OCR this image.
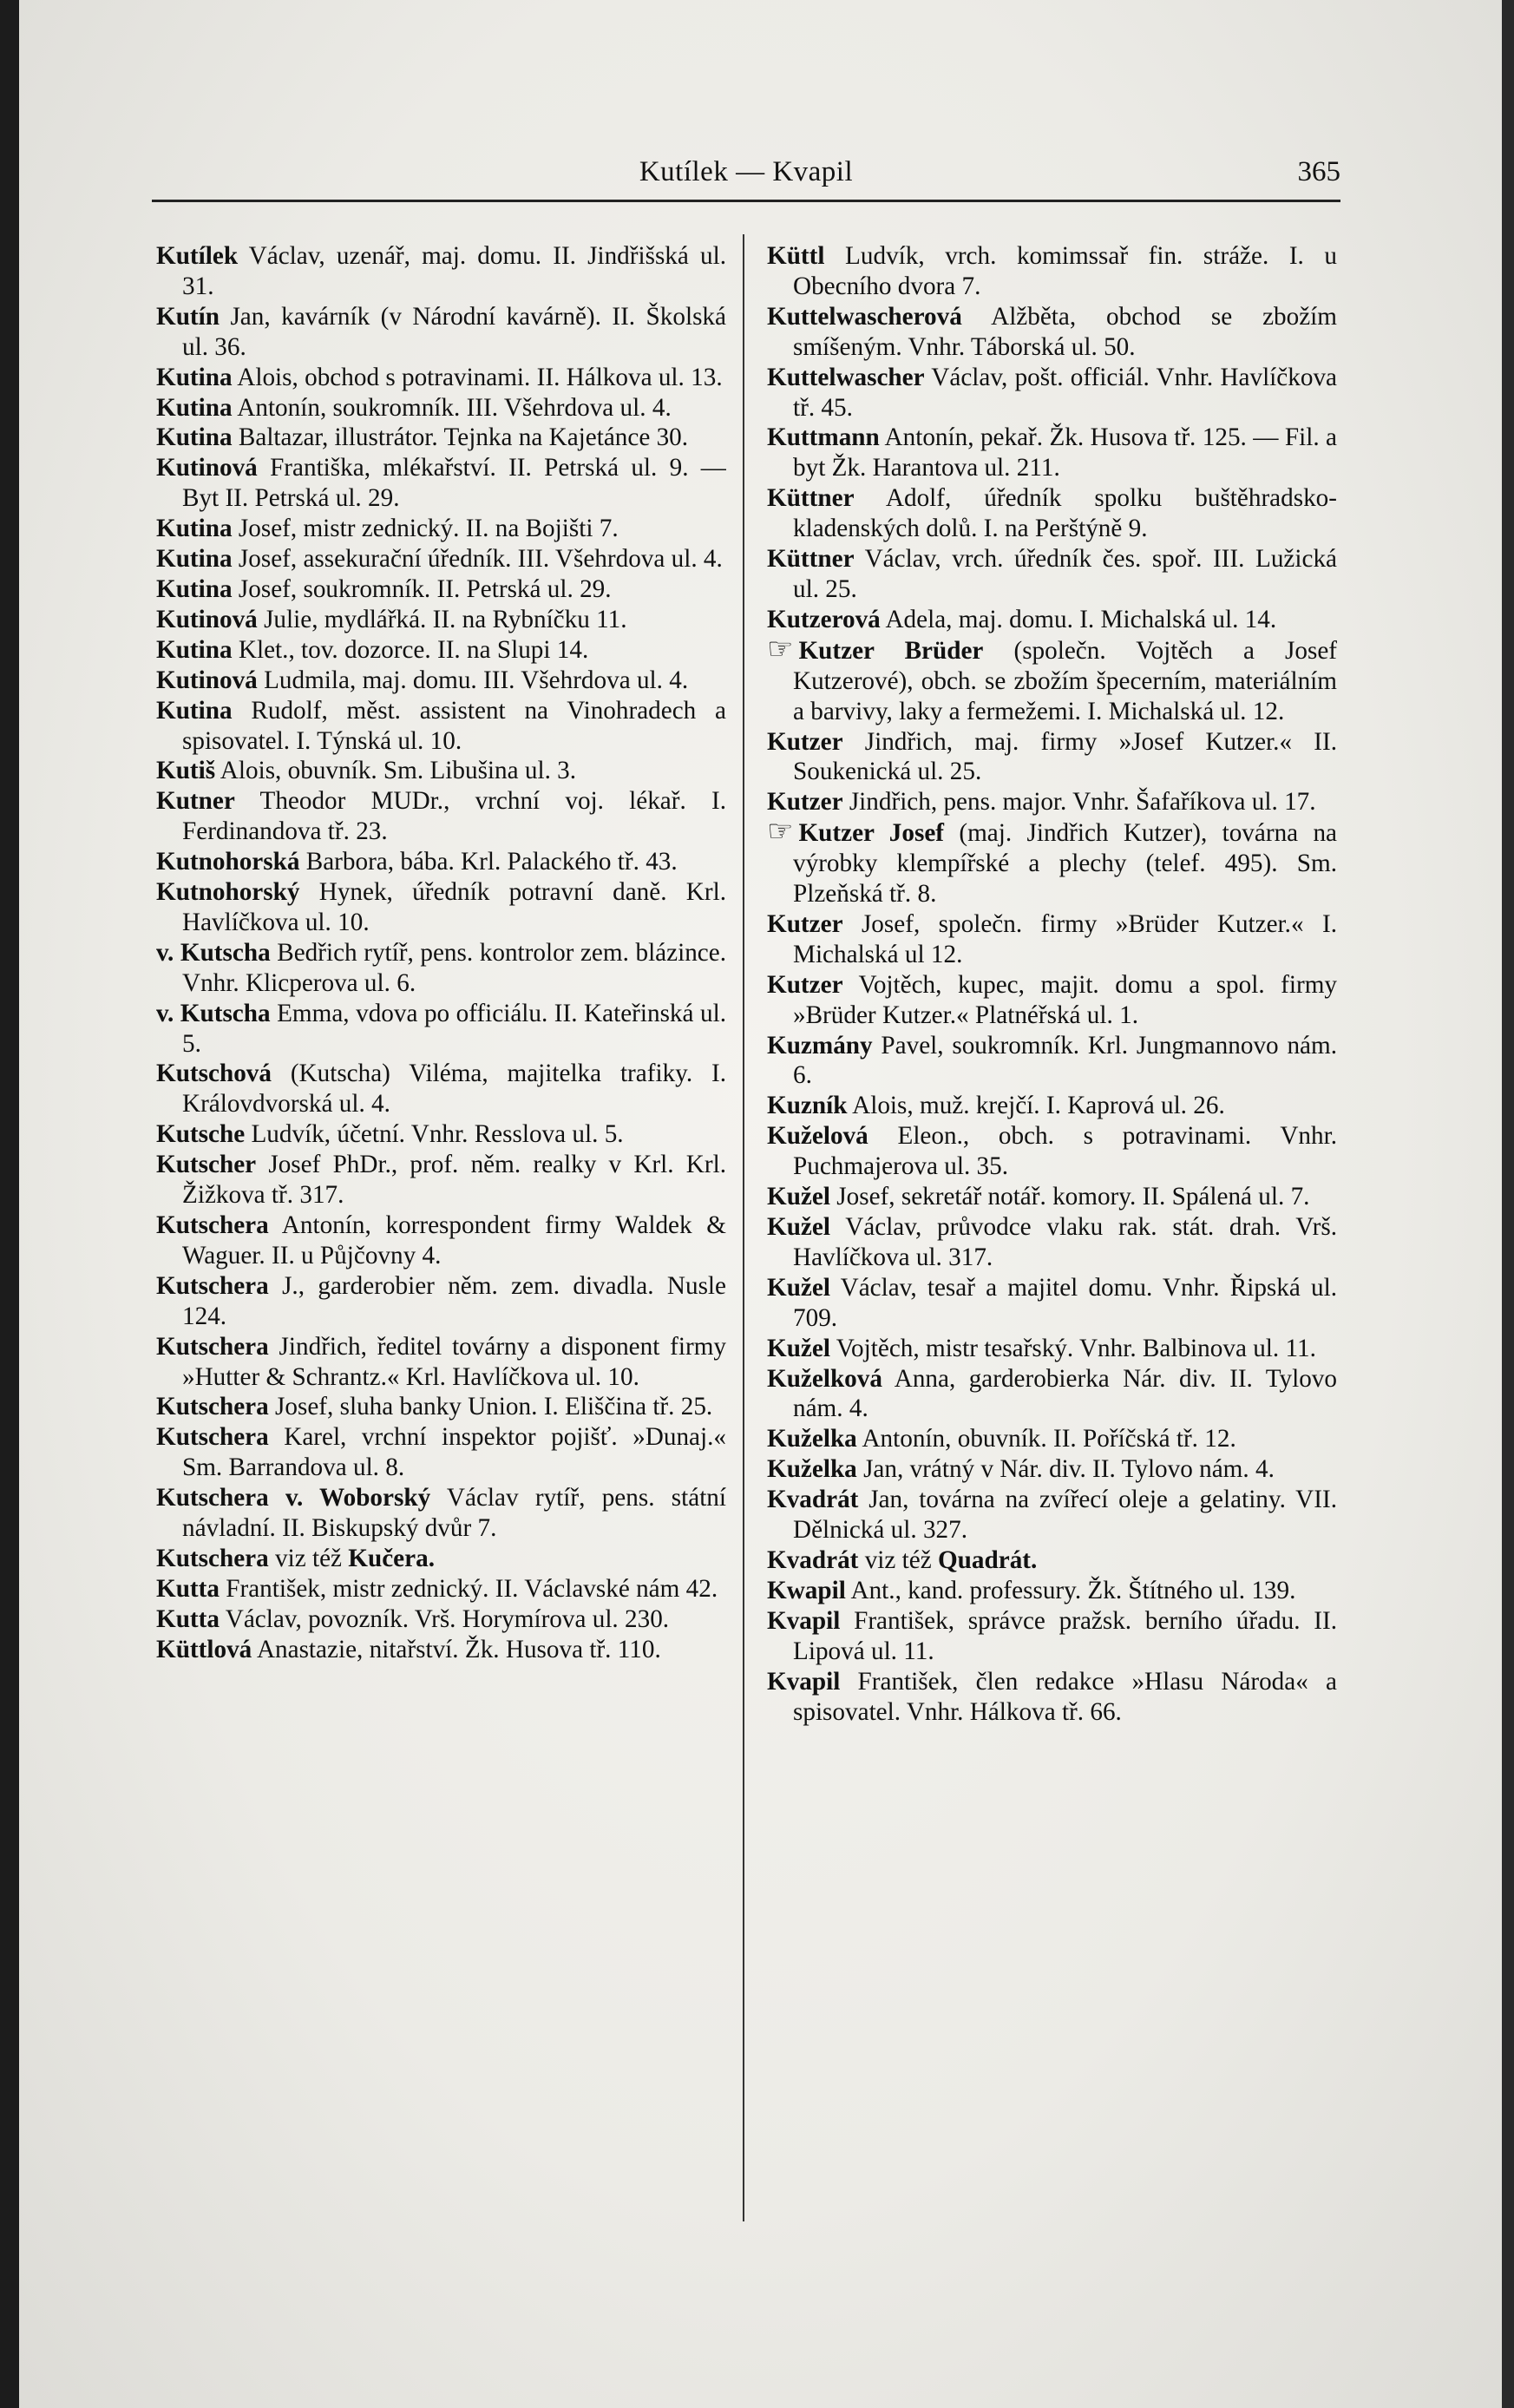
Kutílek — Kvapil	365

Kutílek Václav, uzenář, maj. domu. II. Jindřišská ul. 31.

Kutín Jan, kavárník (v Národní kavárně). II. Školská ul. 36.

Kutina Alois, obchod s potravinami. II. Hálkova ul. 13.

Kutina Antonín, soukromník. III. Všehrdova ul. 4.

Kutina Baltazar, illustrátor. Tejnka na Kajetánce 30.

Kutinová Františka, mlékařství. II. Petrská ul. 9. — Byt II. Petrská ul. 29.

Kutina Josef, mistr zednický. II. na Bojišti 7.

Kutina Josef, assekurační úředník. III. Všehrdova ul. 4.

Kutina Josef, soukromník. II. Petrská ul. 29.

Kutinová Julie, mydlářká. II. na Rybníčku 11.

Kutina Klet., tov. dozorce. II. na Slupi 14.

Kutinová Ludmila, maj. domu. III. Všehrdova ul. 4.

Kutina Rudolf, měst. assistent na Vinohradech a spisovatel. I. Týnská ul. 10.

Kutiš Alois, obuvník. Sm. Libušina ul. 3.

Kutner Theodor MUDr., vrchní voj. lékař. I. Ferdinandova tř. 23.

Kutnohorská Barbora, bába. Krl. Palackého tř. 43.

Kutnohorský Hynek, úředník potravní daně. Krl. Havlíčkova ul. 10.

v. Kutscha Bedřich rytíř, pens. kontrolor zem. blázince. Vnhr. Klicperova ul. 6.

v. Kutscha Emma, vdova po officiálu. II. Kateřinská ul. 5.

Kutschová (Kutscha) Viléma, majitelka trafiky. I. Královdvorská ul. 4.

Kutsche Ludvík, účetní. Vnhr. Resslova ul. 5.

Kutscher Josef PhDr., prof. něm. realky v Krl. Krl. Žižkova tř. 317.

Kutschera Antonín, korrespondent firmy Waldek & Waguer. II. u Půjčovny 4.

Kutschera J., garderobier něm. zem. divadla. Nusle 124.

Kutschera Jindřich, ředitel továrny a disponent firmy »Hutter & Schrantz.« Krl. Havlíčkova ul. 10.

Kutschera Josef, sluha banky Union. I. Eliščina tř. 25.

Kutschera Karel, vrchní inspektor pojišť. »Dunaj.« Sm. Barrandova ul. 8.

Kutschera v. Woborský Václav rytíř, pens. státní návladní. II. Biskupský dvůr 7.

Kutschera viz též Kučera.

Kutta František, mistr zednický. II. Václavské nám 42.

Kutta Václav, povozník. Vrš. Horymírova ul. 230.

Küttlová Anastazie, nitařství. Žk. Husova tř. 110.

Küttl Ludvík, vrch. komimssař fin. stráže. I. u Obecního dvora 7.

Kuttelwascherová Alžběta, obchod se zbožím smíšeným. Vnhr. Táborská ul. 50.

Kuttelwascher Václav, pošt. officiál. Vnhr. Havlíčkova tř. 45.

Kuttmann Antonín, pekař. Žk. Husova tř. 125. — Fil. a byt Žk. Harantova ul. 211.

Küttner Adolf, úředník spolku buštěhradsko-kladenských dolů. I. na Perštýně 9.

Küttner Václav, vrch. úředník čes. spoř. III. Lužická ul. 25.

Kutzerová Adela, maj. domu. I. Michalská ul. 14.

☞ Kutzer Brüder (společn. Vojtěch a Josef Kutzerové), obch. se zbožím špecerním, materiálním a barvivy, laky a fermežemi. I. Michalská ul. 12.

Kutzer Jindřich, maj. firmy »Josef Kutzer.« II. Soukenická ul. 25.

Kutzer Jindřich, pens. major. Vnhr. Šafaříkova ul. 17.

☞ Kutzer Josef (maj. Jindřich Kutzer), továrna na výrobky klempířské a plechy (telef. 495). Sm. Plzeňská tř. 8.

Kutzer Josef, společn. firmy »Brüder Kutzer.« I. Michalská ul 12.

Kutzer Vojtěch, kupec, majit. domu a spol. firmy »Brüder Kutzer.« Platnéřská ul. 1.

Kuzmány Pavel, soukromník. Krl. Jungmannovo nám. 6.

Kuzník Alois, muž. krejčí. I. Kaprová ul. 26.

Kuželová Eleon., obch. s potravinami. Vnhr. Puchmajerova ul. 35.

Kužel Josef, sekretář notář. komory. II. Spálená ul. 7.

Kužel Václav, průvodce vlaku rak. stát. drah. Vrš. Havlíčkova ul. 317.

Kužel Václav, tesař a majitel domu. Vnhr. Řipská ul. 709.

Kužel Vojtěch, mistr tesařský. Vnhr. Balbinova ul. 11.

Kuželková Anna, garderobierka Nár. div. II. Tylovo nám. 4.

Kuželka Antonín, obuvník. II. Poříčská tř. 12.

Kuželka Jan, vrátný v Nár. div. II. Tylovo nám. 4.

Kvadrát Jan, továrna na zvířecí oleje a gelatiny. VII. Dělnická ul. 327.

Kvadrát viz též Quadrát.

Kwapil Ant., kand. professury. Žk. Štítného ul. 139.

Kvapil František, správce pražsk. berního úřadu. II. Lipová ul. 11.

Kvapil František, člen redakce »Hlasu Národa« a spisovatel. Vnhr. Hálkova tř. 66.
